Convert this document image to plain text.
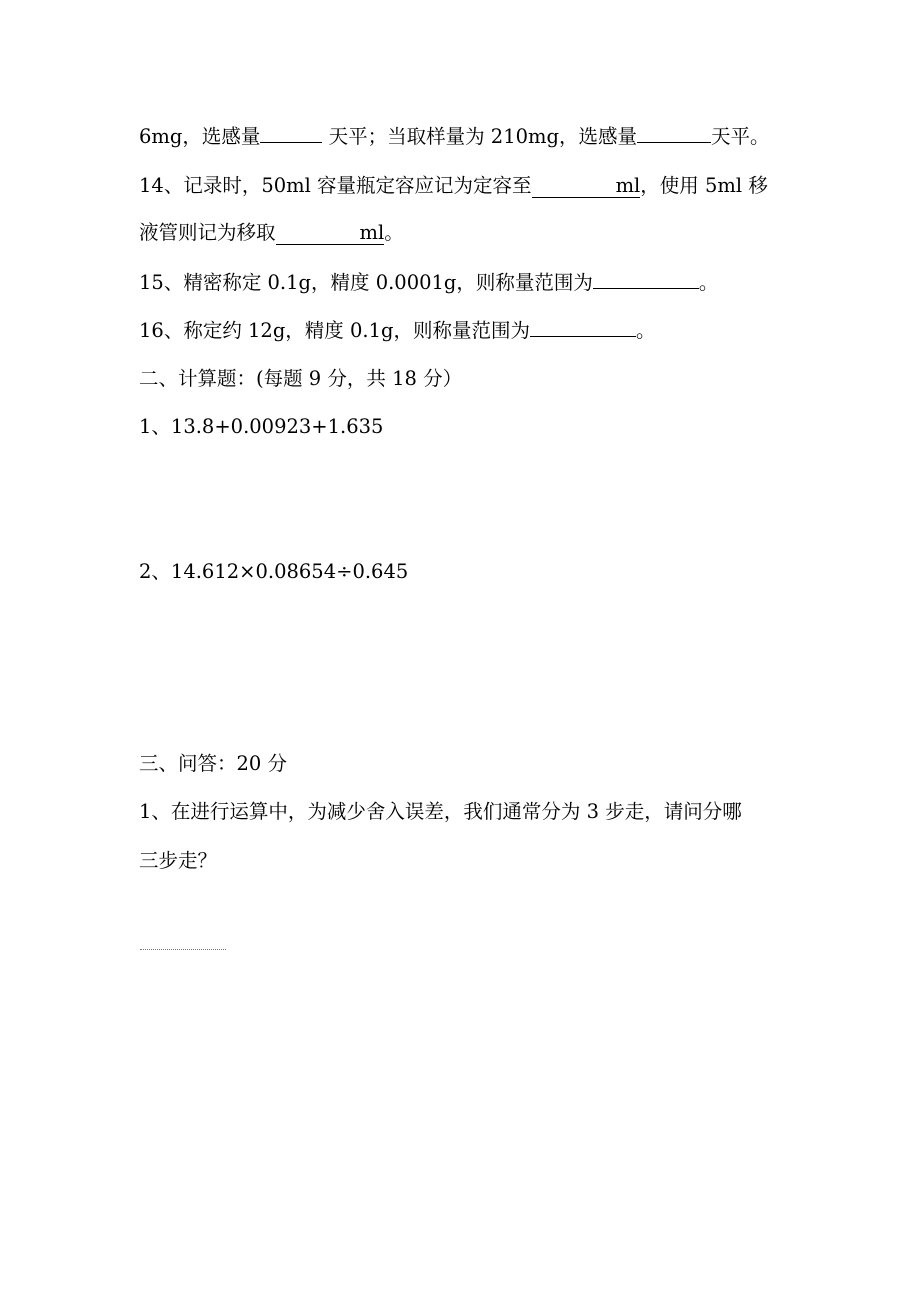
6mg，选感量	天平；当取样量为 210mg，选感量	天平。
14、记录时，50ml 容量瓶定容应记为定容至	ml，使用 5ml 移
液管则记为移取	ml。
15、精密称定 0.1g，精度 0.0001g，则称量范围为	。
16、称定约 12g，精度 0.1g，则称量范围为	。
二、计算题：(每题 9 分，共 18 分）
1、13.8+0.00923+1.635
2、14.612×0.08654÷0.645
三、问答：20 分
1、在进行运算中，为减少舍入误差，我们通常分为 3 步走，请问分哪
三步走？
